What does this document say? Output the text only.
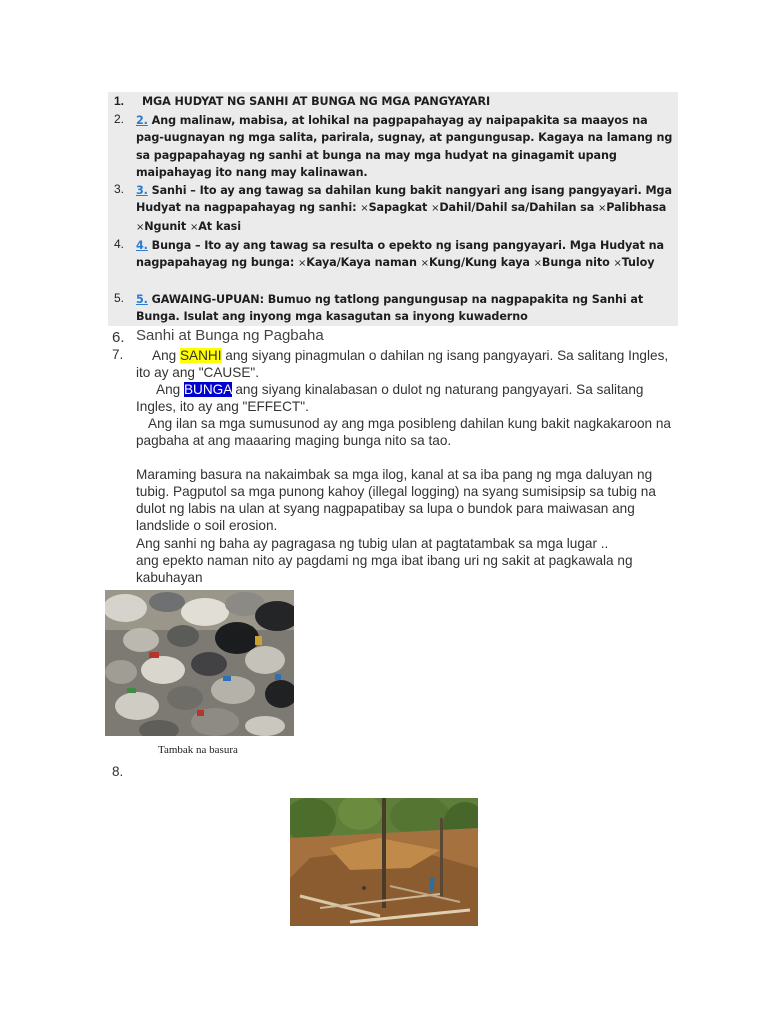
1.	MGA HUDYAT NG SANHI AT BUNGA NG MGA PANGYAYARI
2.	2. Ang malinaw, mabisa, at lohikal na pagpapahayag ay naipapakita sa maayos na pag-uugnayan ng mga salita, parirala, sugnay, at pangungusap. Kagaya na lamang ng sa pagpapahayag ng sanhi at bunga na may mga hudyat na ginagamit upang maipahayag ito nang may kalinawan.
3.	3. Sanhi – Ito ay ang tawag sa dahilan kung bakit nangyari ang isang pangyayari. Mga Hudyat na nagpapahayag ng sanhi: ×Sapagkat ×Dahil/Dahil sa/Dahilan sa ×Palibhasa ×Ngunit ×At kasi
4.	4. Bunga – Ito ay ang tawag sa resulta o epekto ng isang pangyayari. Mga Hudyat na nagpapahayag ng bunga: ×Kaya/Kaya naman ×Kung/Kung kaya ×Bunga nito ×Tuloy
5.	5. GAWAING-UPUAN: Bumuo ng tatlong pangungusap na nagpapakita ng Sanhi at Bunga. Isulat ang inyong mga kasagutan sa inyong kuwaderno
6. Sanhi at Bunga ng Pagbaha
7.	Ang SANHI ang siyang pinagmulan o dahilan ng isang pangyayari. Sa salitang Ingles, ito ay ang "CAUSE".
Ang BUNGA ang siyang kinalabasan o dulot ng naturang pangyayari. Sa salitang Ingles, ito ay ang "EFFECT".
Ang ilan sa mga sumusunod ay ang mga posibleng dahilan kung bakit nagkakaroon na pagbaha at ang maaaring maging bunga nito sa tao.
Maraming basura na nakaimbak sa mga ilog, kanal at sa iba pang ng mga daluyan ng tubig. Pagputol sa mga punong kahoy (illegal logging) na syang sumisipsip sa tubig na dulot ng labis na ulan at syang nagpapatibay sa lupa o bundok para maiwasan ang landslide o soil erosion.
Ang sanhi ng baha ay pagragasa ng tubig ulan at pagtatambak sa mga lugar ..
ang epekto naman nito ay pagdami ng mga ibat ibang uri ng sakit at pagkawala ng kabuhayan
Tambak na basura
8.
